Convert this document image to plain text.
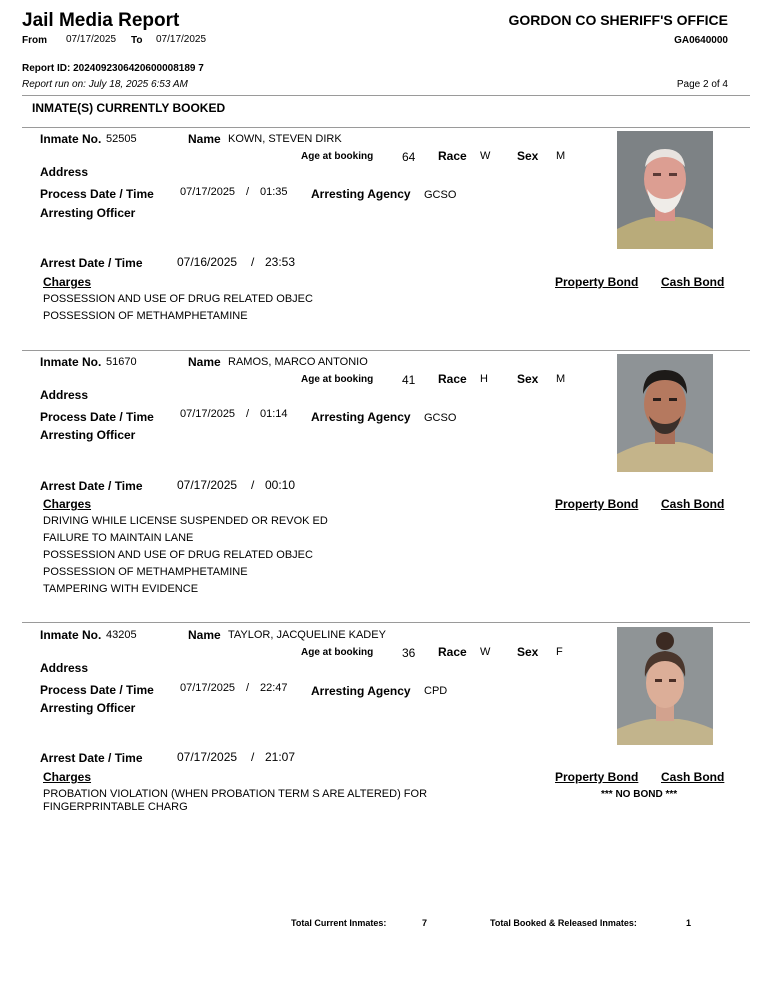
Jail Media Report
From 07/17/2025 To 07/17/2025
GORDON CO SHERIFF'S OFFICE
GA0640000
Report ID: 2024092306420600008189 7
Report run on: July 18, 2025 6:53 AM	Page 2 of 4
INMATE(S) CURRENTLY BOOKED
Inmate No. 52505	Name KOWN, STEVEN DIRK
Age at booking 64 Race W Sex M
Address
Process Date / Time 07/17/2025 / 01:35 Arresting Agency GCSO
Arresting Officer
Arrest Date / Time	07/16/2025 / 23:53
Charges	Property Bond Cash Bond
POSSESSION AND USE OF DRUG RELATED OBJEC
POSSESSION OF METHAMPHETAMINE
Inmate No. 51670	Name RAMOS, MARCO ANTONIO
Age at booking 41 Race H Sex M
Address
Process Date / Time 07/17/2025 / 01:14 Arresting Agency GCSO
Arresting Officer
Arrest Date / Time	07/17/2025 / 00:10
Charges	Property Bond Cash Bond
DRIVING WHILE LICENSE SUSPENDED OR REVOK ED
FAILURE TO MAINTAIN LANE
POSSESSION AND USE OF DRUG RELATED OBJEC
POSSESSION OF METHAMPHETAMINE
TAMPERING WITH EVIDENCE
Inmate No. 43205	Name TAYLOR, JACQUELINE KADEY
Age at booking 36 Race W Sex F
Address
Process Date / Time 07/17/2025 / 22:47 Arresting Agency CPD
Arresting Officer
Arrest Date / Time	07/17/2025 / 21:07
Charges	Property Bond Cash Bond
PROBATION VIOLATION (WHEN PROBATION TERM S ARE ALTERED) FOR
FINGERPRINTABLE CHARG
*** NO BOND ***
Total Current Inmates:	7	Total Booked & Released Inmates:	1
